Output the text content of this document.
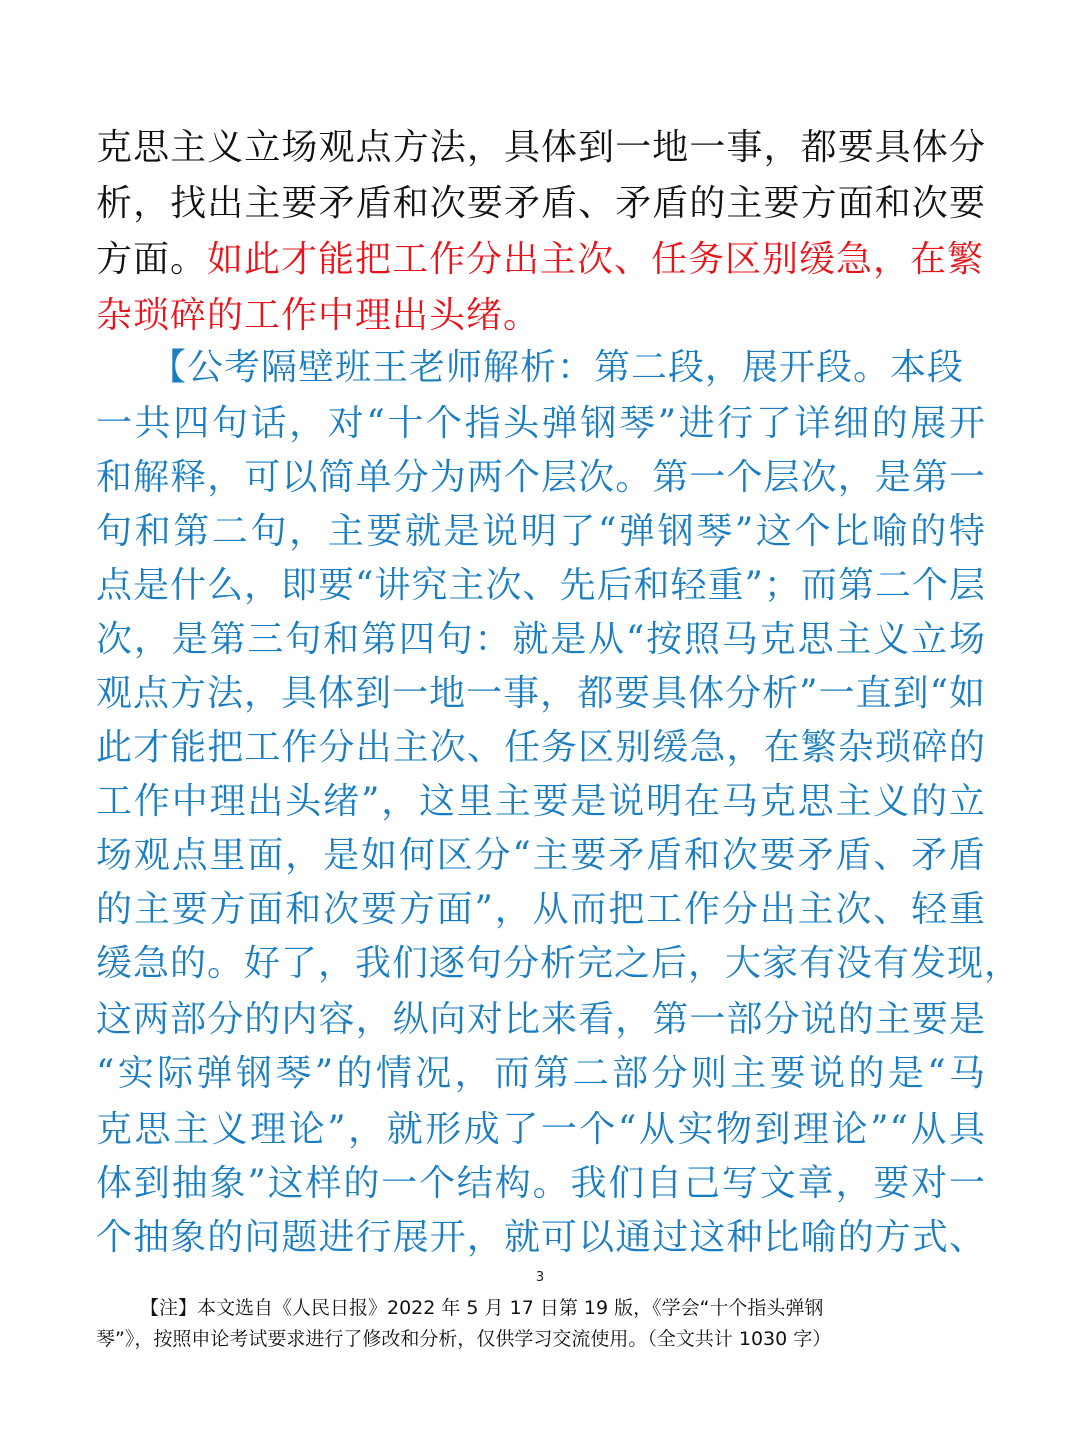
克思主义立场观点方法，具体到一地一事，都要具体分
析，找出主要矛盾和次要矛盾、矛盾的主要方面和次要
方面。如此才能把工作分出主次、任务区别缓急，在繁
杂琐碎的工作中理出头绪。
【公考隔壁班王老师解析：第二段，展开段。本段
一共四句话，对“十个指头弹钢琴”进行了详细的展开
和解释，可以简单分为两个层次。第一个层次，是第一
句和第二句，主要就是说明了“弹钢琴”这个比喻的特
点是什么，即要“讲究主次、先后和轻重”；而第二个层
次，是第三句和第四句：就是从“按照马克思主义立场
观点方法，具体到一地一事，都要具体分析”一直到“如
此才能把工作分出主次、任务区别缓急，在繁杂琐碎的
工作中理出头绪”，这里主要是说明在马克思主义的立
场观点里面，是如何区分“主要矛盾和次要矛盾、矛盾
的主要方面和次要方面”，从而把工作分出主次、轻重
缓急的。好了，我们逐句分析完之后，大家有没有发现，
这两部分的内容，纵向对比来看，第一部分说的主要是
“实际弹钢琴”的情况，而第二部分则主要说的是“马
克思主义理论”，就形成了一个“从实物到理论”“从具
体到抽象”这样的一个结构。我们自己写文章，要对一
个抽象的问题进行展开，就可以通过这种比喻的方式、
3
【注】本文选自《人民日报》2022 年 5 月 17 日第 19 版，《学会“十个指头弹钢
琴”》，按照申论考试要求进行了修改和分析，仅供学习交流使用。（全文共计 1030 字）
